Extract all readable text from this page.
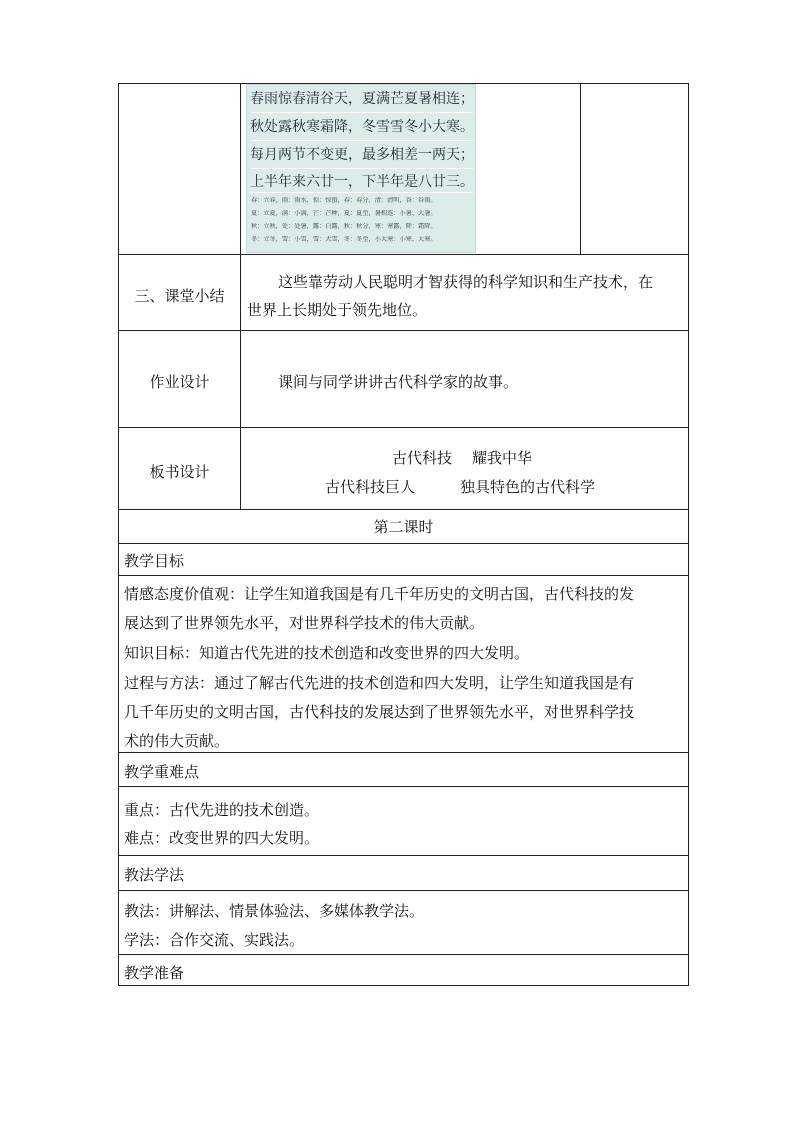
春雨惊春清谷天，夏满芒夏暑相连；
秋处露秋寒霜降，冬雪雪冬小大寒。
每月两节不变更，最多相差一两天；
上半年来六廿一，下半年是八廿三。
春：立春，雨：雨水，惊：惊蛰，春：春分，清：清明，谷：谷雨。
夏：立夏，满：小满，芒：芒种，夏：夏至，暑相连：小暑、大暑。
秋：立秋，处：处暑，露：白露，秋：秋分，寒：寒露，降：霜降。
冬：立冬，雪：小雪，雪：大雪，冬：冬至，小大寒：小寒、大寒。
三、课堂小结
这些靠劳动人民聪明才智获得的科学知识和生产技术，在
世界上长期处于领先地位。
作业设计	课间与同学讲讲古代科学家的故事。
板书设计
古代科技 耀我中华
古代科技巨人	独具特色的古代科学
第二课时
教学目标
情感态度价值观：让学生知道我国是有几千年历史的文明古国，古代科技的发
展达到了世界领先水平，对世界科学技术的伟大贡献。
知识目标：知道古代先进的技术创造和改变世界的四大发明。
过程与方法：通过了解古代先进的技术创造和四大发明，让学生知道我国是有
几千年历史的文明古国，古代科技的发展达到了世界领先水平，对世界科学技
术的伟大贡献。
教学重难点
重点：古代先进的技术创造。
难点：改变世界的四大发明。
教法学法
教法：讲解法、情景体验法、多媒体教学法。
学法：合作交流、实践法。
教学准备
